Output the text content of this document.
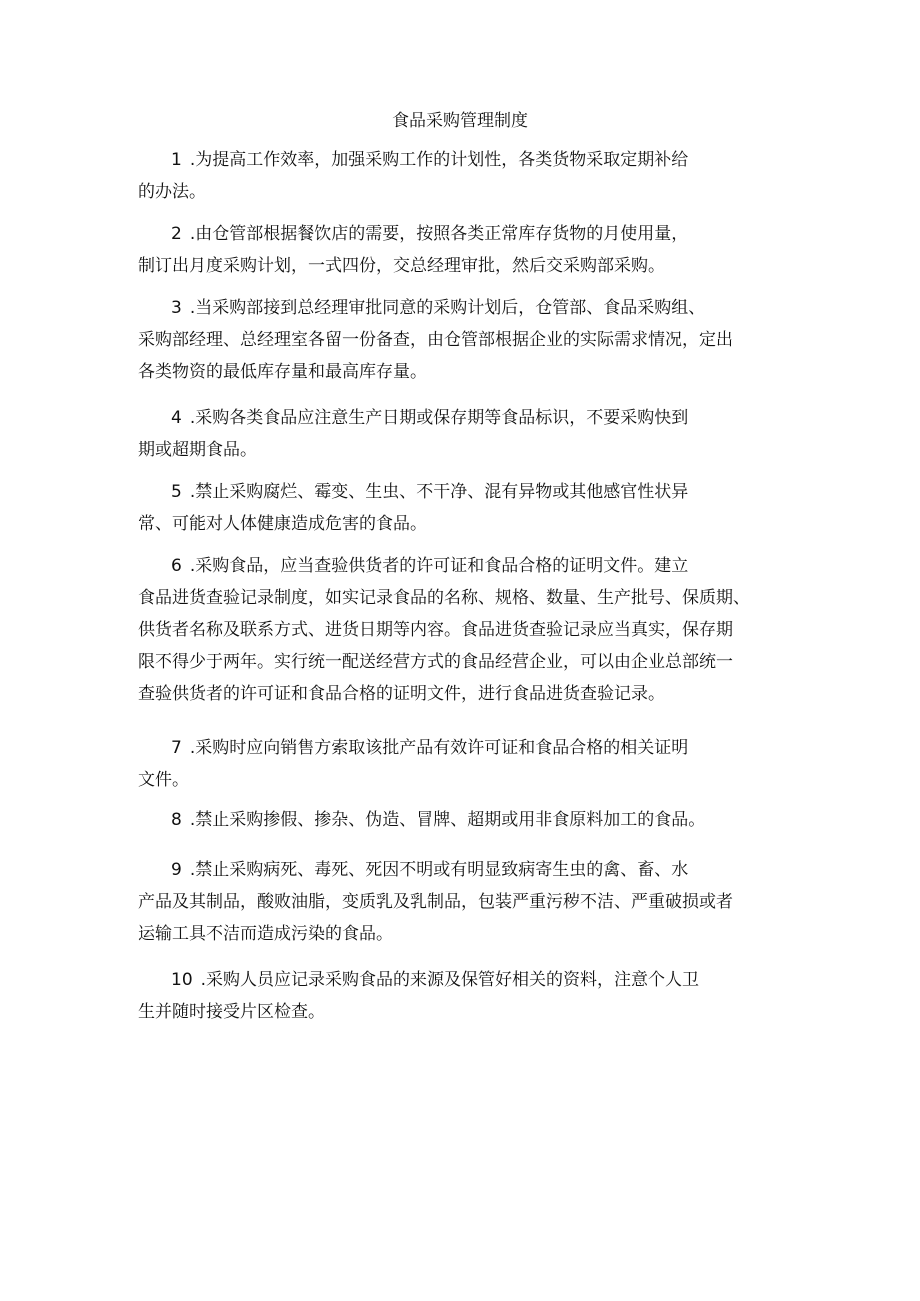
食品采购管理制度
1 .为提高工作效率，加强采购工作的计划性，各类货物采取定期补给
的办法。
2 .由仓管部根据餐饮店的需要，按照各类正常库存货物的月使用量，
制订出月度采购计划，一式四份，交总经理审批，然后交采购部采购。
3 .当采购部接到总经理审批同意的采购计划后，仓管部、食品采购组、
采购部经理、总经理室各留一份备查，由仓管部根据企业的实际需求情况，定出
各类物资的最低库存量和最高库存量。
4 .采购各类食品应注意生产日期或保存期等食品标识，不要采购快到
期或超期食品。
5 .禁止采购腐烂、霉变、生虫、不干净、混有异物或其他感官性状异
常、可能对人体健康造成危害的食品。
6 .采购食品，应当查验供货者的许可证和食品合格的证明文件。建立
食品进货查验记录制度，如实记录食品的名称、规格、数量、生产批号、保质期、
供货者名称及联系方式、进货日期等内容。食品进货查验记录应当真实，保存期
限不得少于两年。实行统一配送经营方式的食品经营企业，可以由企业总部统一
查验供货者的许可证和食品合格的证明文件，进行食品进货查验记录。
7 .采购时应向销售方索取该批产品有效许可证和食品合格的相关证明
文件。
8 .禁止采购掺假、掺杂、伪造、冒牌、超期或用非食原料加工的食品。
9 .禁止采购病死、毒死、死因不明或有明显致病寄生虫的禽、畜、水
产品及其制品，酸败油脂，变质乳及乳制品，包装严重污秽不洁、严重破损或者
运输工具不洁而造成污染的食品。
10 .采购人员应记录采购食品的来源及保管好相关的资料，注意个人卫
生并随时接受片区检查。
